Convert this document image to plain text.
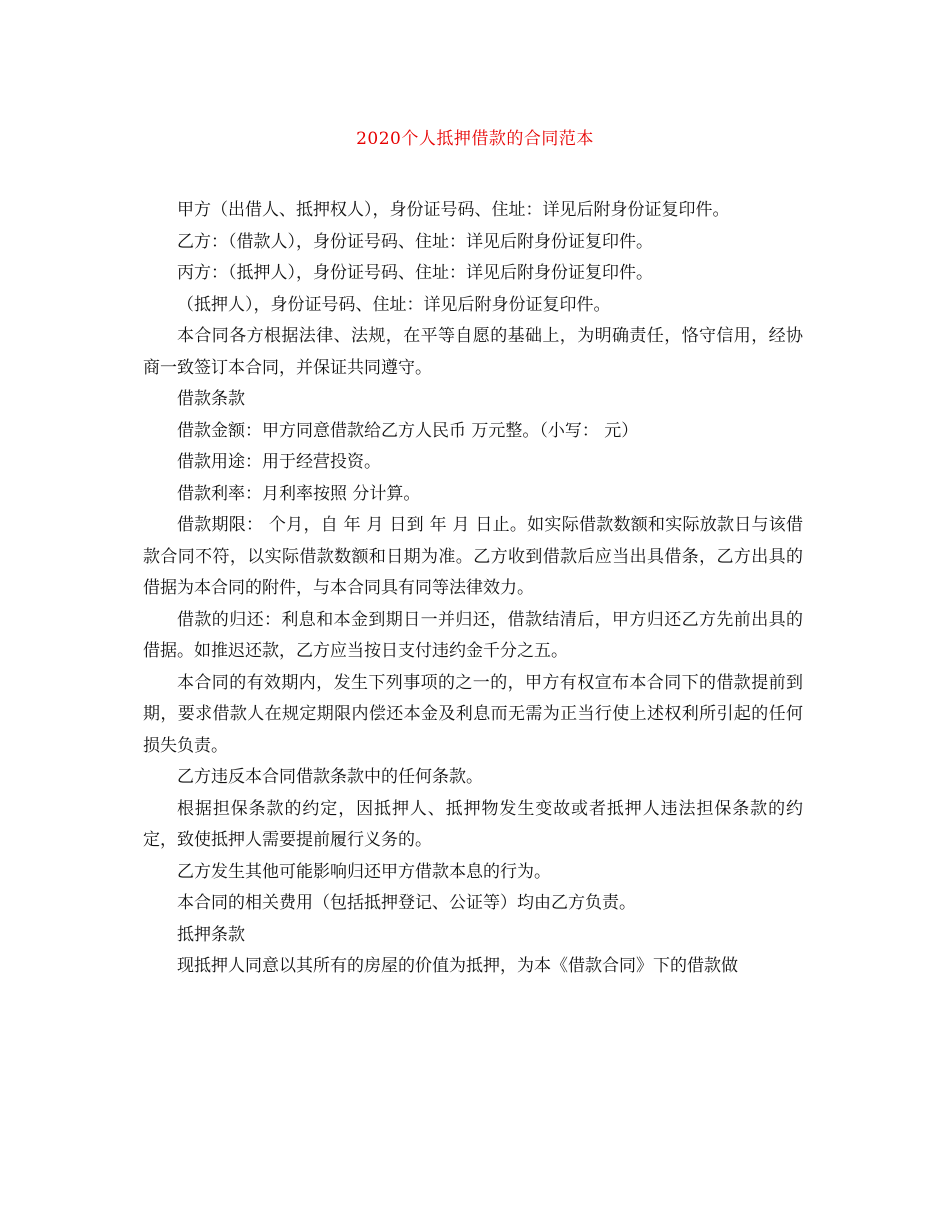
2020个人抵押借款的合同范本

甲方（出借人、抵押权人），身份证号码、住址：详见后附身份证复印件。

乙方：（借款人），身份证号码、住址：详见后附身份证复印件。

丙方：（抵押人），身份证号码、住址：详见后附身份证复印件。

（抵押人），身份证号码、住址：详见后附身份证复印件。

本合同各方根据法律、法规，在平等自愿的基础上，为明确责任，恪守信用，经协商一致签订本合同，并保证共同遵守。

借款条款

借款金额：甲方同意借款给乙方人民币 万元整。（小写： 元）

借款用途：用于经营投资。

借款利率：月利率按照 分计算。

借款期限： 个月，自 年 月 日到 年 月 日止。如实际借款数额和实际放款日与该借款合同不符，以实际借款数额和日期为准。乙方收到借款后应当出具借条，乙方出具的借据为本合同的附件，与本合同具有同等法律效力。

借款的归还：利息和本金到期日一并归还，借款结清后，甲方归还乙方先前出具的借据。如推迟还款，乙方应当按日支付违约金千分之五。

本合同的有效期内，发生下列事项的之一的，甲方有权宣布本合同下的借款提前到期，要求借款人在规定期限内偿还本金及利息而无需为正当行使上述权利所引起的任何损失负责。

乙方违反本合同借款条款中的任何条款。

根据担保条款的约定，因抵押人、抵押物发生变故或者抵押人违法担保条款的约定，致使抵押人需要提前履行义务的。

乙方发生其他可能影响归还甲方借款本息的行为。

本合同的相关费用（包括抵押登记、公证等）均由乙方负责。

抵押条款

现抵押人同意以其所有的房屋的价值为抵押，为本《借款合同》下的借款做
